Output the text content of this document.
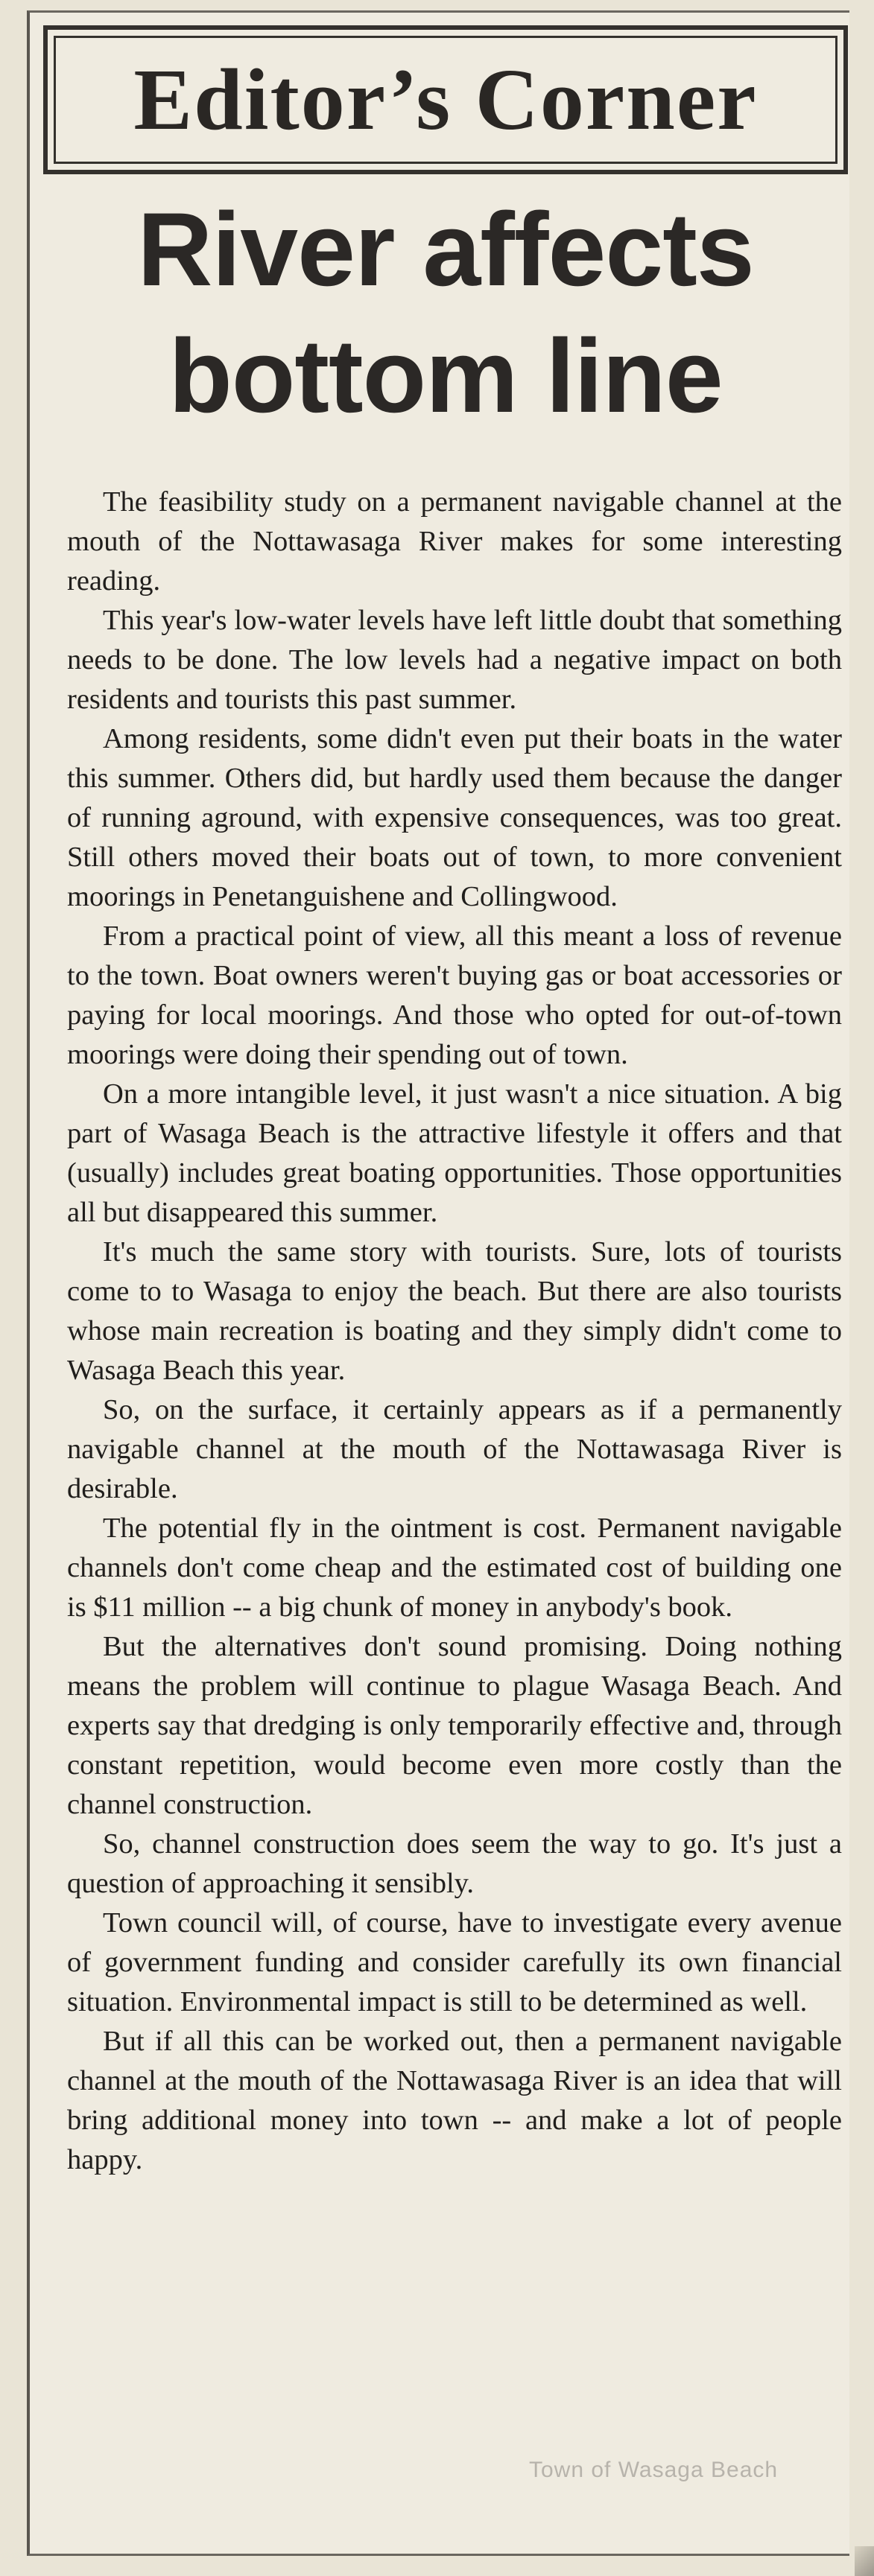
Editor’s Corner
River affects
bottom line

The feasibility study on a permanent navigable channel at the mouth of the Nottawasaga River makes for some interesting reading.

This year's low-water levels have left little doubt that something needs to be done. The low levels had a negative impact on both residents and tourists this past summer.

Among residents, some didn't even put their boats in the water this summer. Others did, but hardly used them because the danger of running aground, with expensive consequences, was too great. Still others moved their boats out of town, to more convenient moorings in Penetanguishene and Collingwood.

From a practical point of view, all this meant a loss of revenue to the town. Boat owners weren't buying gas or boat accessories or paying for local moorings. And those who opted for out-of-town moorings were doing their spending out of town.

On a more intangible level, it just wasn't a nice situation. A big part of Wasaga Beach is the attractive lifestyle it offers and that (usually) includes great boating opportunities. Those opportunities all but disappeared this summer.

It's much the same story with tourists. Sure, lots of tourists come to to Wasaga to enjoy the beach. But there are also tourists whose main recreation is boating and they simply didn't come to Wasaga Beach this year.

So, on the surface, it certainly appears as if a permanently navigable channel at the mouth of the Nottawasaga River is desirable.

The potential fly in the ointment is cost. Permanent navigable channels don't come cheap and the estimated cost of building one is $11 million -- a big chunk of money in anybody's book.

But the alternatives don't sound promising. Doing nothing means the problem will continue to plague Wasaga Beach. And experts say that dredging is only temporarily effective and, through constant repetition, would become even more costly than the channel construction.

So, channel construction does seem the way to go. It's just a question of approaching it sensibly.

Town council will, of course, have to investigate every avenue of government funding and consider carefully its own financial situation. Environmental impact is still to be determined as well.

But if all this can be worked out, then a permanent navigable channel at the mouth of the Nottawasaga River is an idea that will bring additional money into town -- and make a lot of people happy.

Town of Wasaga Beach
